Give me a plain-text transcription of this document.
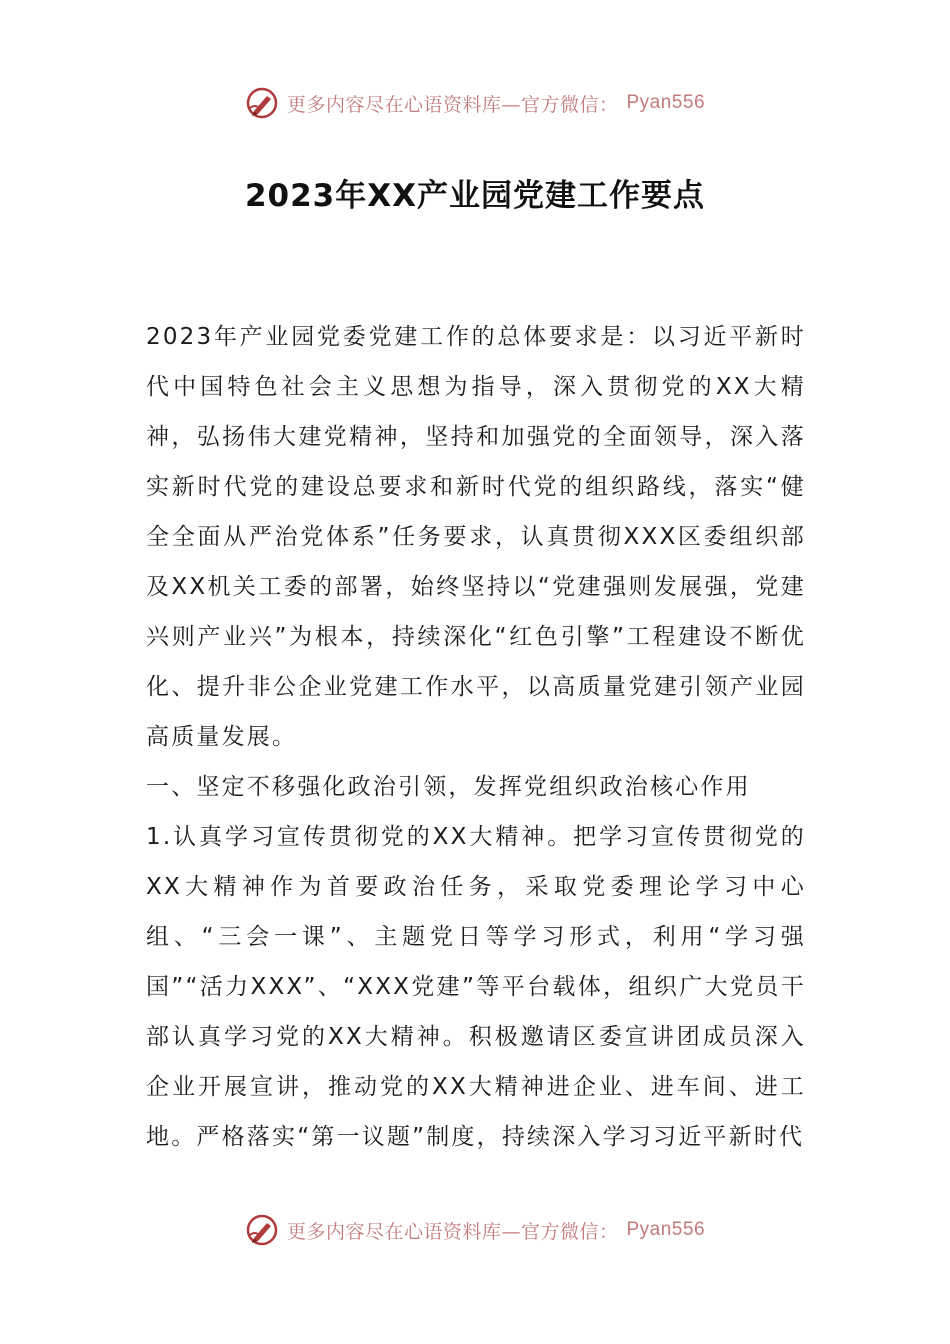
更多内容尽在心语资料库—官方微信： Pyan556
2023年XX产业园党建工作要点

2023年产业园党委党建工作的总体要求是：以习近平新时代中国特色社会主义思想为指导，深入贯彻党的XX大精神，弘扬伟大建党精神，坚持和加强党的全面领导，深入落实新时代党的建设总要求和新时代党的组织路线，落实“健全全面从严治党体系”任务要求，认真贯彻XXX区委组织部及XX机关工委的部署，始终坚持以“党建强则发展强，党建兴则产业兴”为根本，持续深化“红色引擎”工程建设不断优化、提升非公企业党建工作水平，以高质量党建引领产业园高质量发展。

一、坚定不移强化政治引领，发挥党组织政治核心作用

1.认真学习宣传贯彻党的XX大精神。把学习宣传贯彻党的XX大精神作为首要政治任务，采取党委理论学习中心组、“三会一课”、主题党日等学习形式，利用“学习强国”“活力XXX”、“XXX党建”等平台载体，组织广大党员干部认真学习党的XX大精神。积极邀请区委宣讲团成员深入企业开展宣讲，推动党的XX大精神进企业、进车间、进工地。严格落实“第一议题”制度，持续深入学习习近平新时代

更多内容尽在心语资料库—官方微信： Pyan556
